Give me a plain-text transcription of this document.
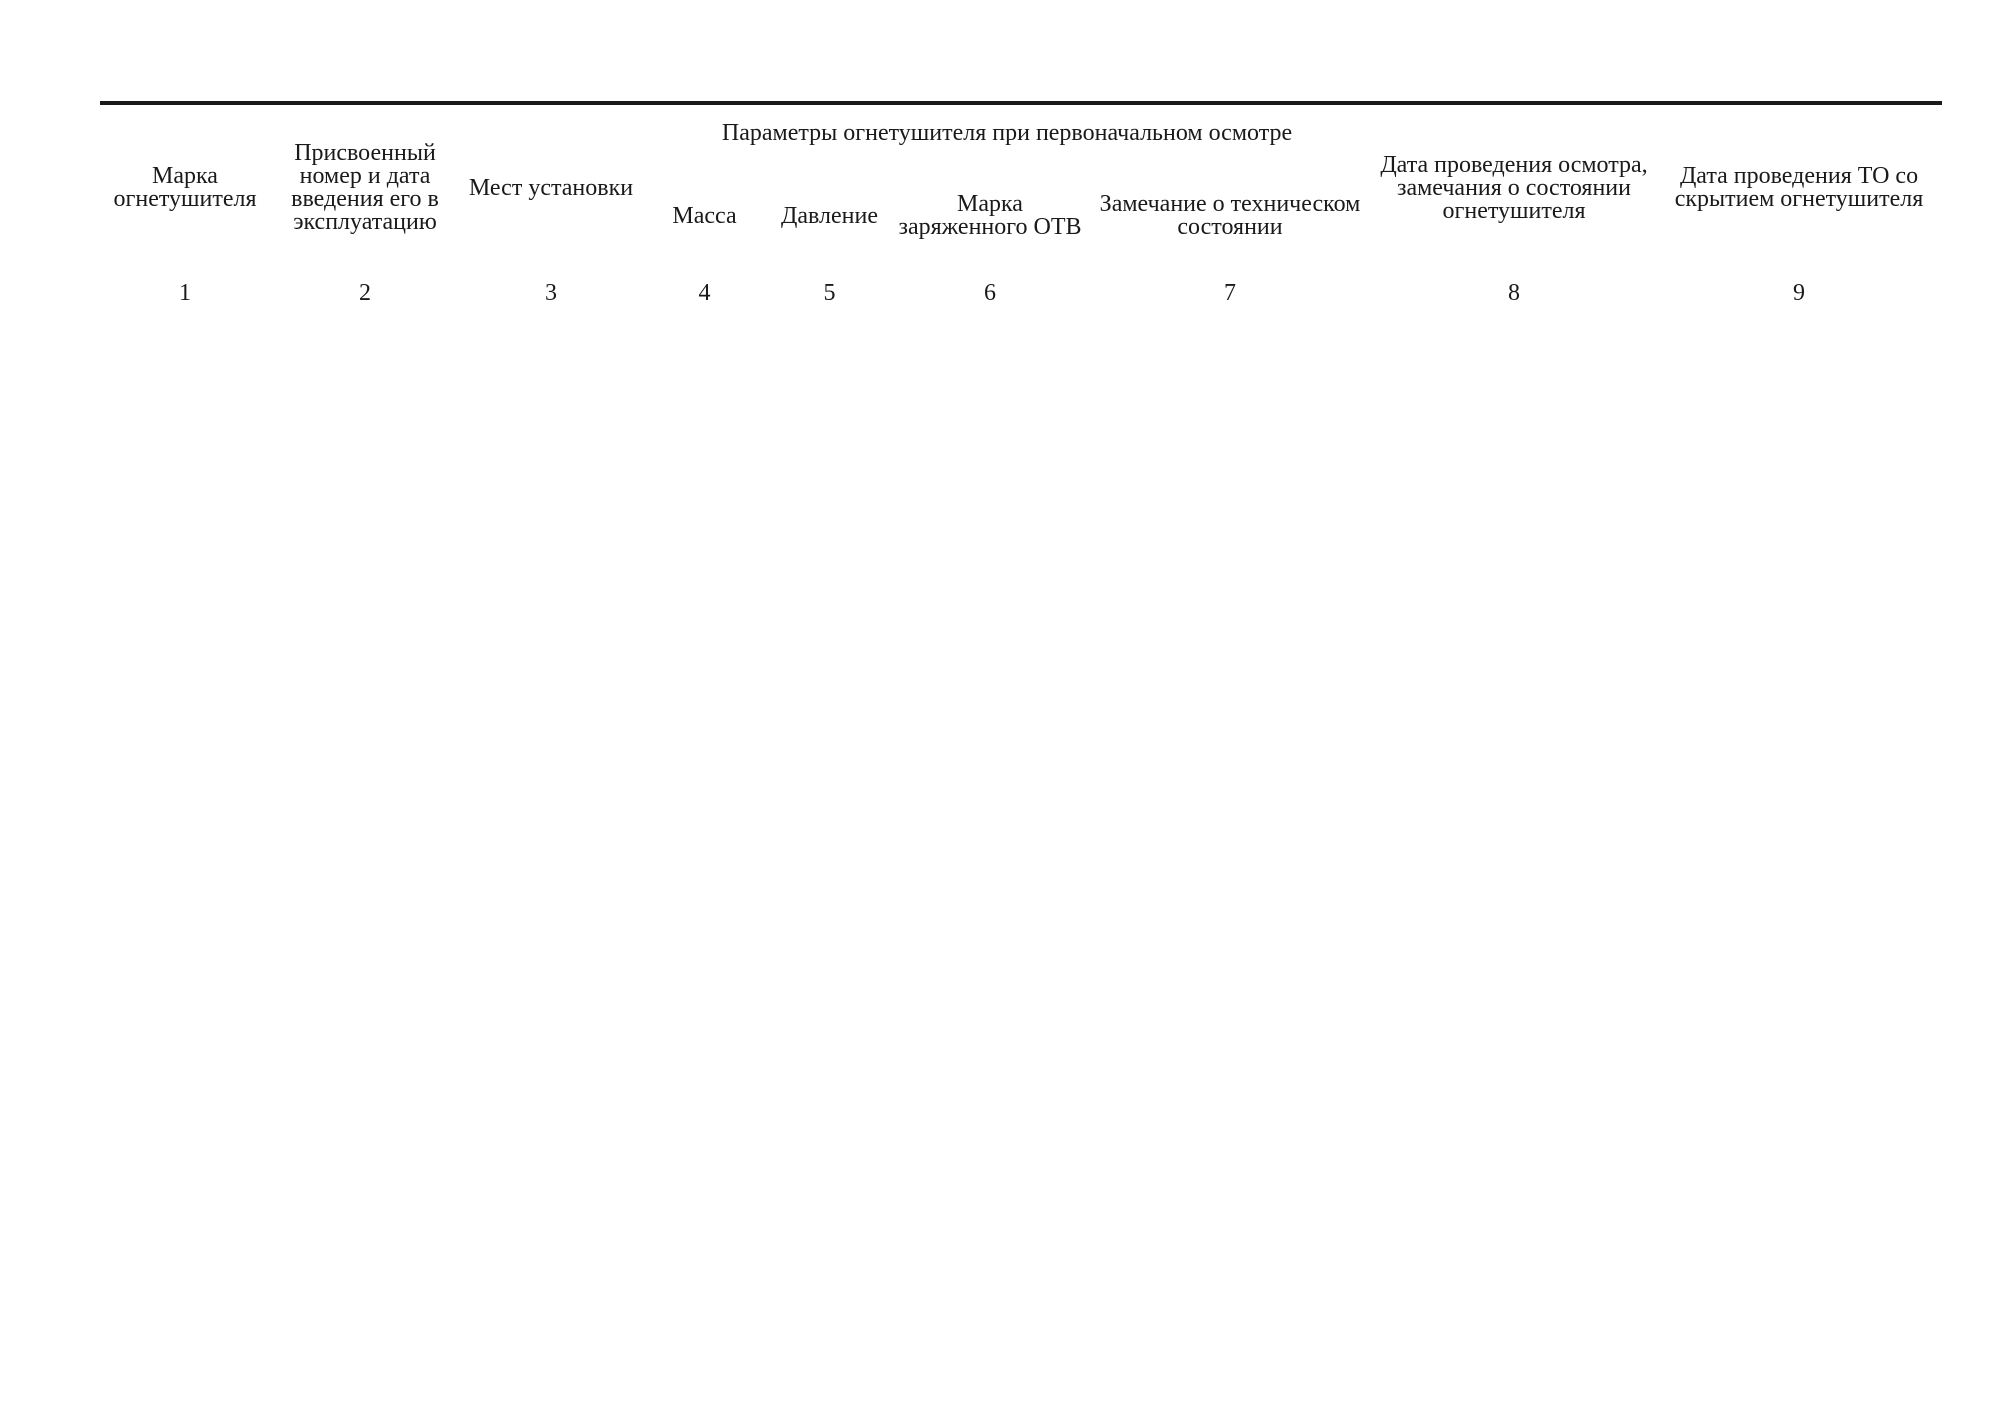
Марка огнетушителя	Присвоенный номер и дата введения его в эксплуатацию	Мест установки	Параметры огнетушителя при первоначальном осмотре				Дата проведения осмотра, замечания о состоянии огнетушителя	Дата проведения ТО со скрытием огнетушителя
			Масса	Давление	Марка заряженного ОТВ	Замечание о техническом состоянии		
1	2	3	4	5	6	7	8	9
